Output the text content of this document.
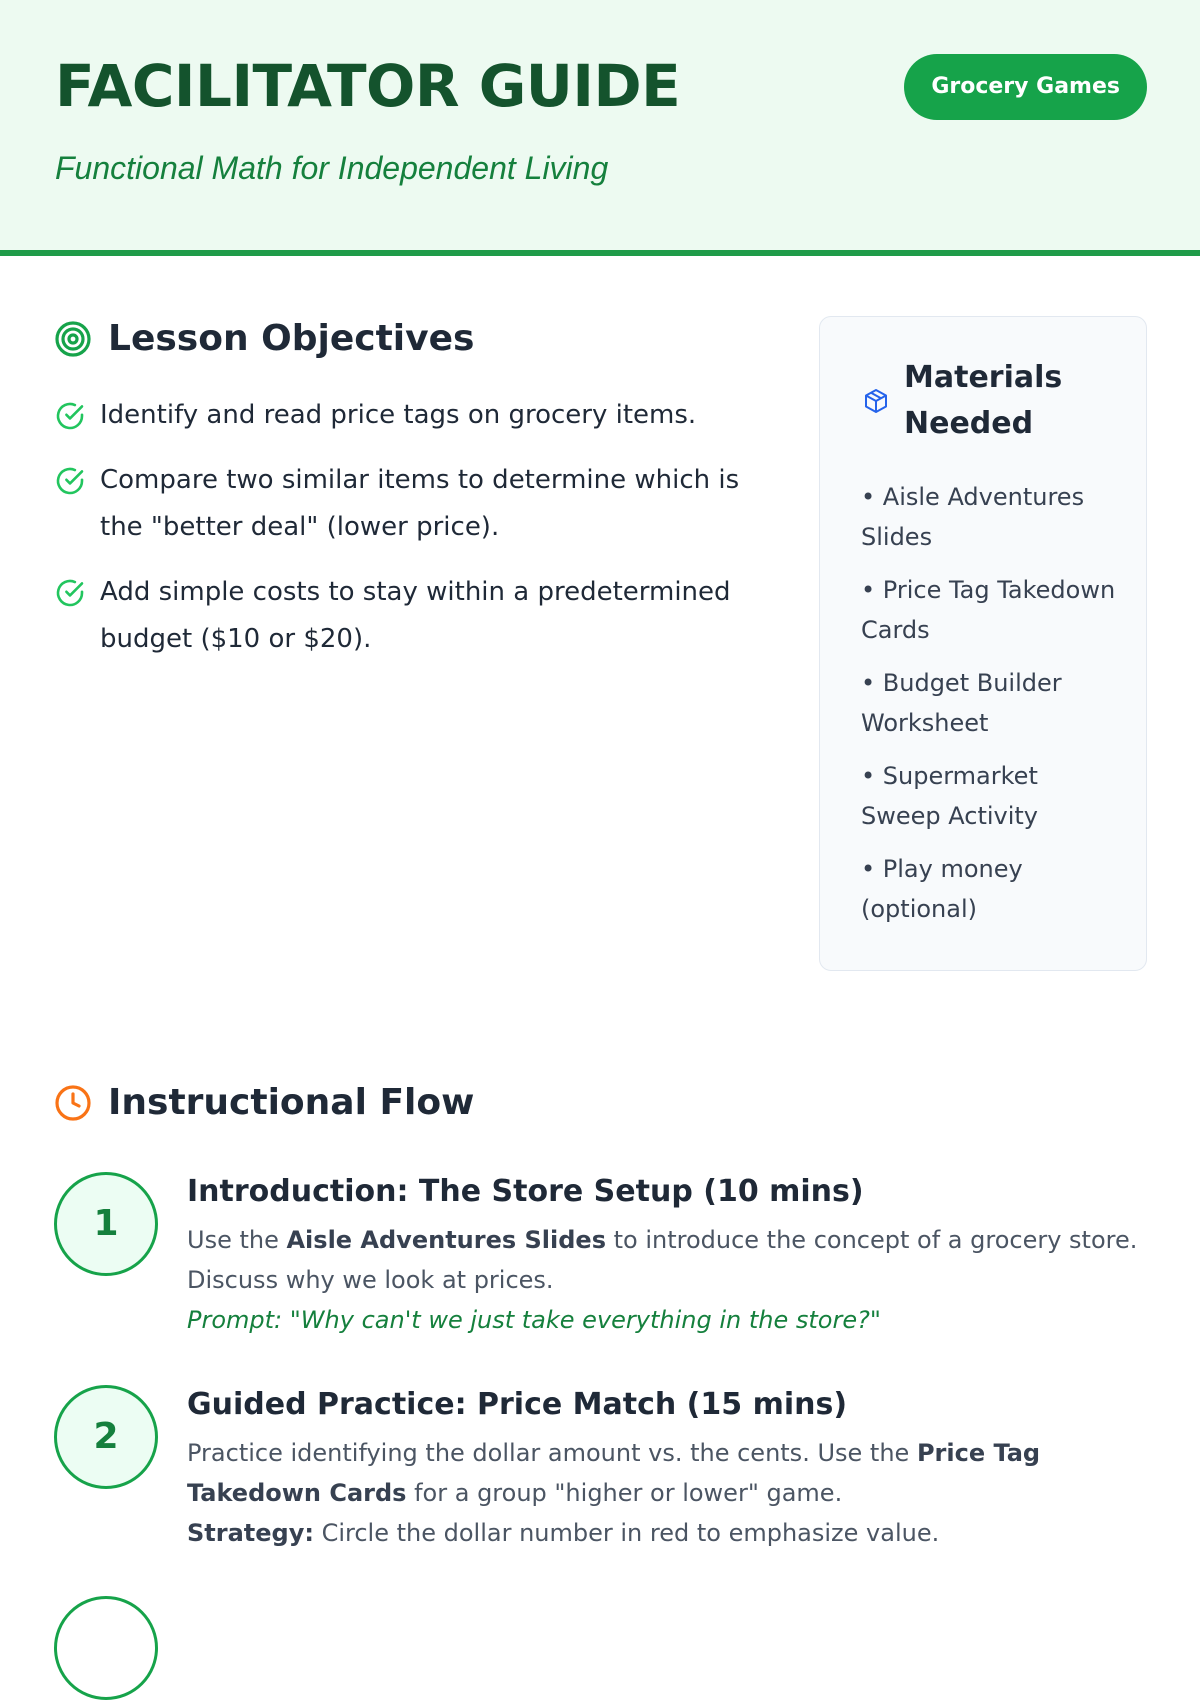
FACILITATOR GUIDE	Grocery Games

Functional Math for Independent Living

Lesson Objectives
Identify and read price tags on grocery items.
Compare two similar items to determine which is the "better deal" (lower price).
Add simple costs to stay within a predetermined budget ($10 or $20).
Materials Needed
• Aisle Adventures Slides
• Price Tag Takedown Cards
• Budget Builder Worksheet
• Supermarket Sweep Activity
• Play money (optional)
Instructional Flow
1

Introduction: The Store Setup (10 mins)

Use the Aisle Adventures Slides to introduce the concept of a grocery store. Discuss why we look at prices.

Prompt: "Why can't we just take everything in the store?"

2

Guided Practice: Price Match (15 mins)

Practice identifying the dollar amount vs. the cents. Use the Price Tag Takedown Cards for a group "higher or lower" game.

Strategy: Circle the dollar number in red to emphasize value.
